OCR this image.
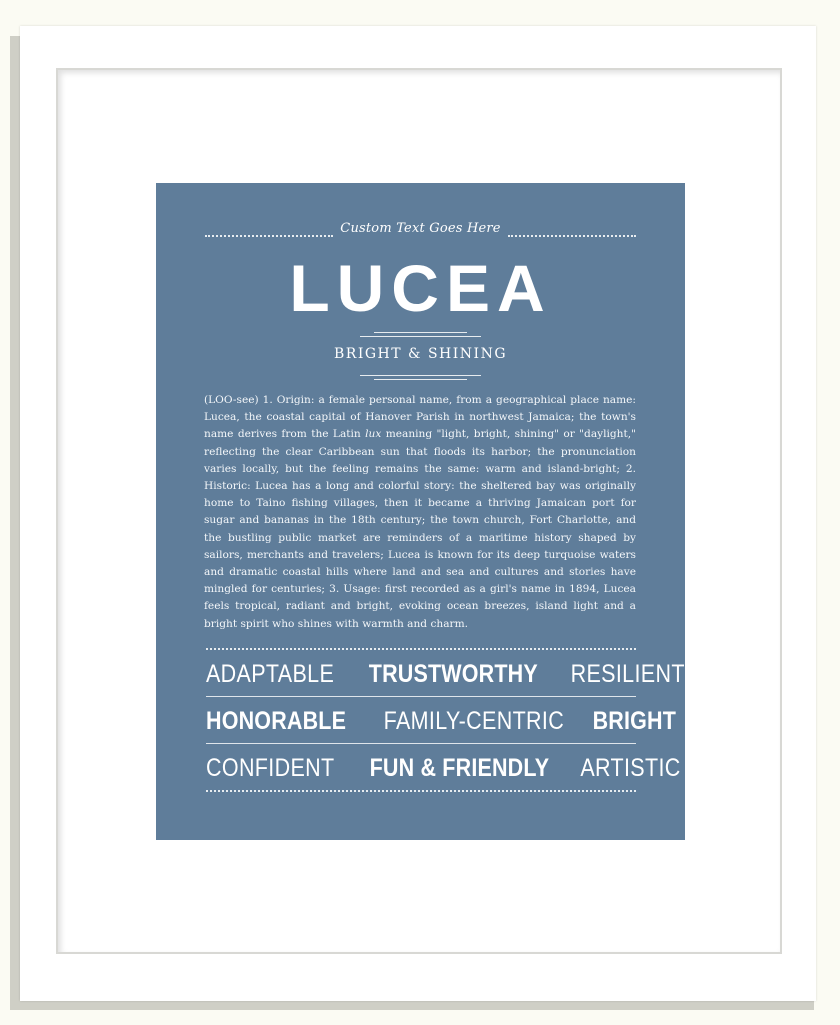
Custom Text Goes Here
LUCEA
BRIGHT & SHINING
(LOO-see) 1. Origin: a female personal name, from a geographical place name: Lucea, the coastal capital of Hanover Parish in northwest Jamaica; the town's name derives from the Latin lux meaning "light, bright, shining" or "daylight," reflecting the clear Caribbean sun that floods its harbor; the pronunciation varies locally, but the feeling remains the same: warm and island-bright; 2. Historic: Lucea has a long and colorful story: the sheltered bay was originally home to Taino fishing villages, then it became a thriving Jamaican port for sugar and bananas in the 18th century; the town church, Fort Charlotte, and the bustling public market are reminders of a maritime history shaped by sailors, merchants and travelers; Lucea is known for its deep turquoise waters and dramatic coastal hills where land and sea and cultures and stories have mingled for centuries; 3. Usage: first recorded as a girl's name in 1894, Lucea feels tropical, radiant and bright, evoking ocean breezes, island light and a bright spirit who shines with warmth and charm.
ADAPTABLE TRUSTWORTHY RESILIENT
HONORABLE FAMILY-CENTRIC BRIGHT
CONFIDENT FUN & FRIENDLY ARTISTIC
